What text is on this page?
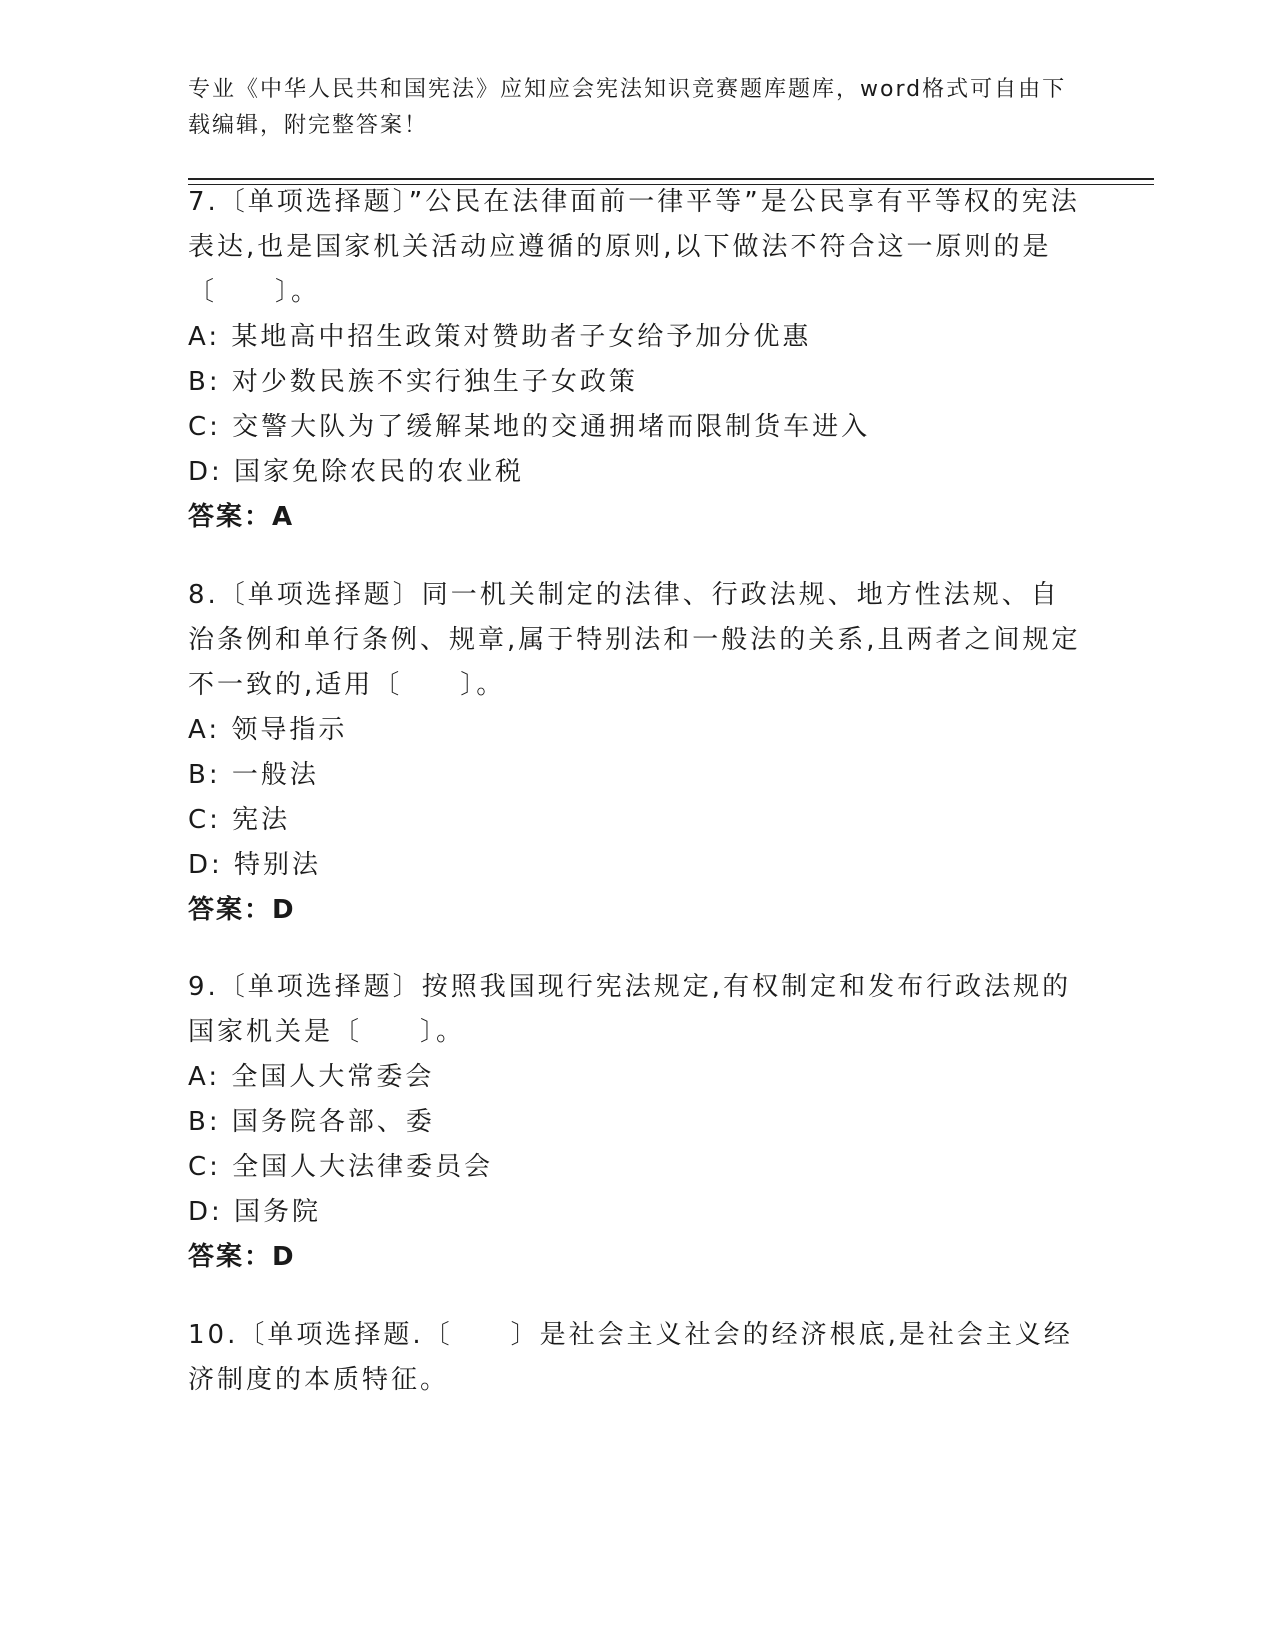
专业《中华人民共和国宪法》应知应会宪法知识竞赛题库题库，word格式可自由下载编辑，附完整答案！
7.〔单项选择题〕”公民在法律面前一律平等”是公民享有平等权的宪法表达,也是国家机关活动应遵循的原则,以下做法不符合这一原则的是〔　　〕。
A: 某地高中招生政策对赞助者子女给予加分优惠
B: 对少数民族不实行独生子女政策
C: 交警大队为了缓解某地的交通拥堵而限制货车进入
D: 国家免除农民的农业税
答案：A
8.〔单项选择题〕同一机关制定的法律、行政法规、地方性法规、自治条例和单行条例、规章,属于特别法和一般法的关系,且两者之间规定不一致的,适用〔　　〕。
A: 领导指示
B: 一般法
C: 宪法
D: 特别法
答案：D
9.〔单项选择题〕按照我国现行宪法规定,有权制定和发布行政法规的国家机关是〔　　〕。
A: 全国人大常委会
B: 国务院各部、委
C: 全国人大法律委员会
D: 国务院
答案：D
10.〔单项选择题.〔　　〕是社会主义社会的经济根底,是社会主义经济制度的本质特征。
